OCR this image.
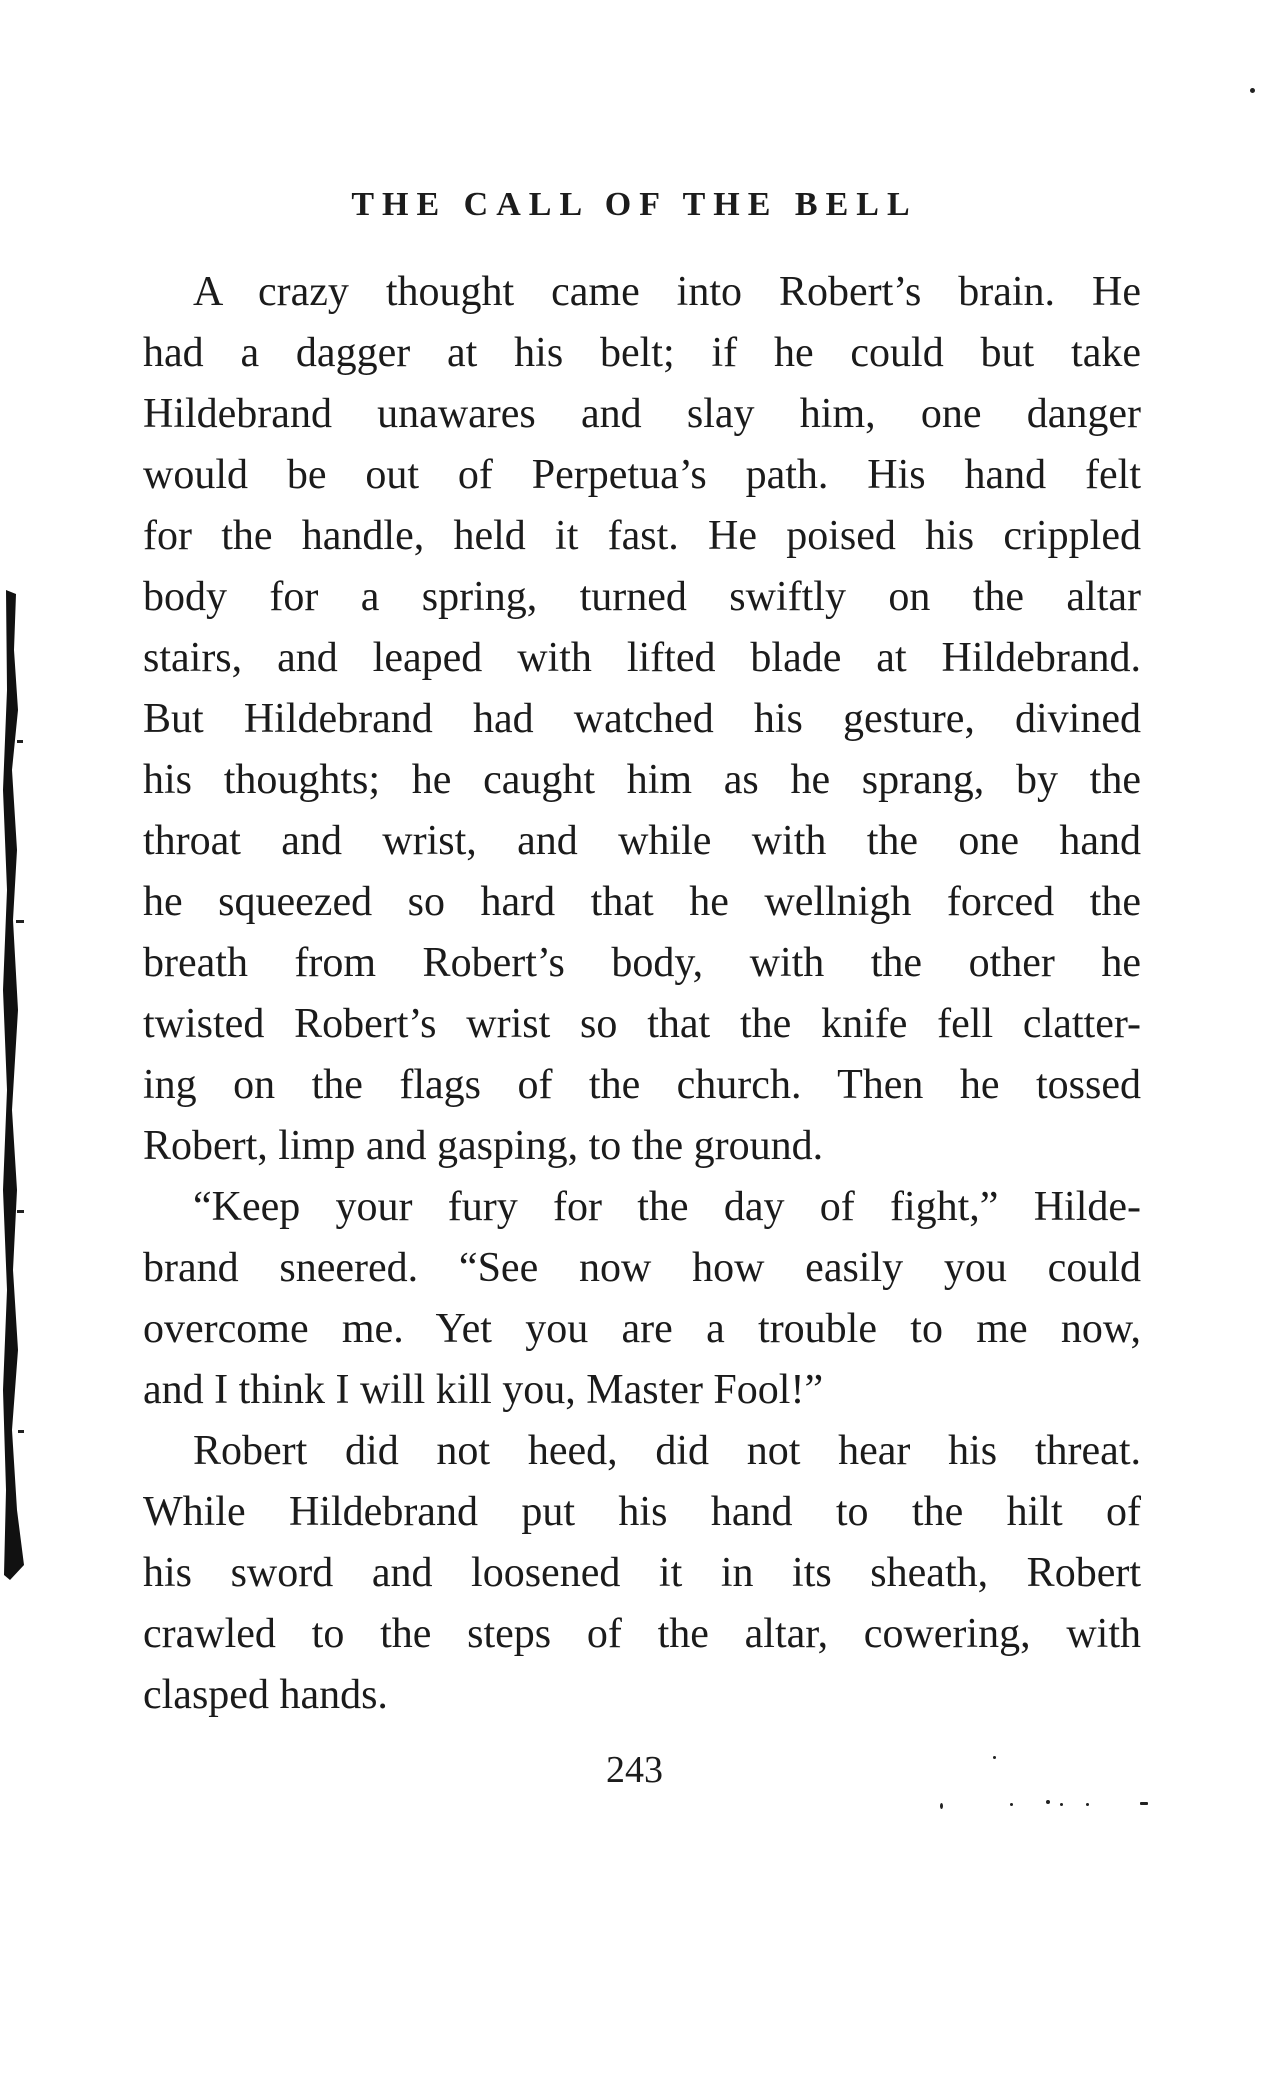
THE CALL OF THE BELL
A crazy thought came into Robert’s brain. He
had a dagger at his belt; if he could but take
Hildebrand unawares and slay him, one danger
would be out of Perpetua’s path. His hand felt
for the handle, held it fast. He poised his crippled
body for a spring, turned swiftly on the altar
stairs, and leaped with lifted blade at Hildebrand.
But Hildebrand had watched his gesture, divined
his thoughts; he caught him as he sprang, by the
throat and wrist, and while with the one hand
he squeezed so hard that he wellnigh forced the
breath from Robert’s body, with the other he
twisted Robert’s wrist so that the knife fell clatter-
ing on the flags of the church. Then he tossed
Robert, limp and gasping, to the ground.
“Keep your fury for the day of fight,” Hilde-
brand sneered. “See now how easily you could
overcome me. Yet you are a trouble to me now,
and I think I will kill you, Master Fool!”
Robert did not heed, did not hear his threat.
While Hildebrand put his hand to the hilt of
his sword and loosened it in its sheath, Robert
crawled to the steps of the altar, cowering, with
clasped hands.
243
